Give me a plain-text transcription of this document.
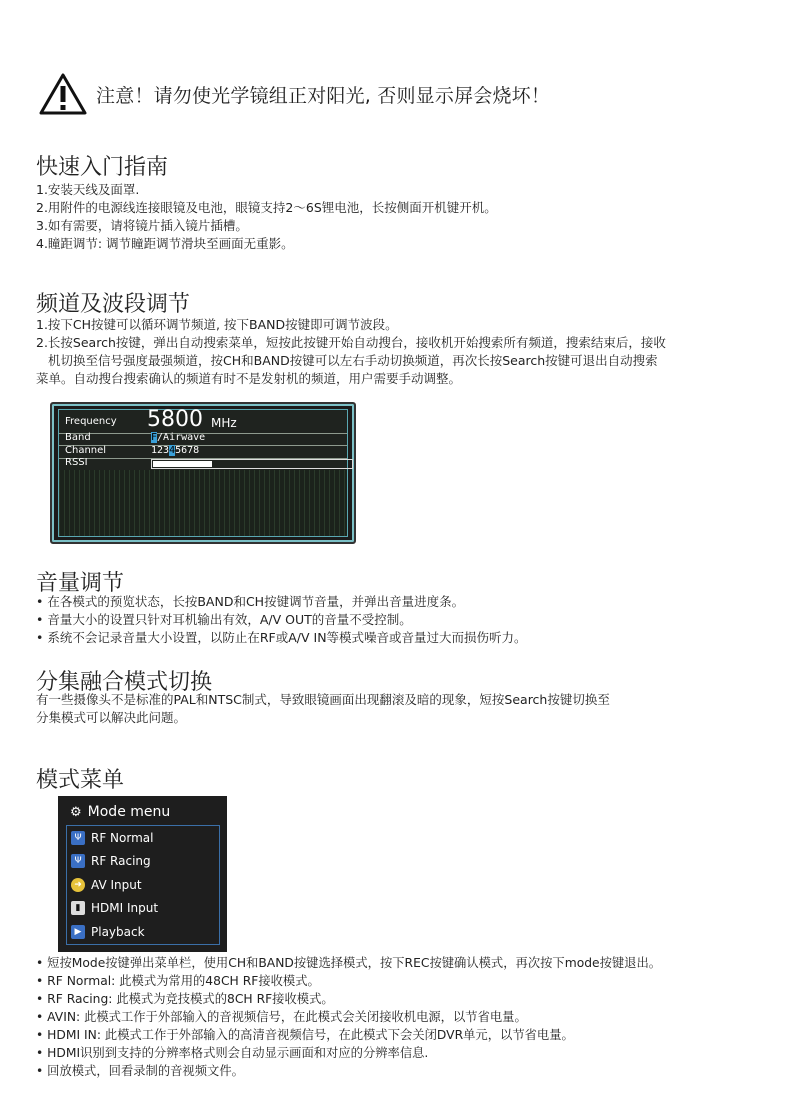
注意！请勿使光学镜组正对阳光, 否则显示屏会烧坏！
快速入门指南
1.安装天线及面罩.
2.用附件的电源线连接眼镜及电池，眼镜支持2～6S锂电池，长按侧面开机键开机。
3.如有需要，请将镜片插入镜片插槽。
4.瞳距调节: 调节瞳距调节滑块至画面无重影。
频道及波段调节
1.按下CH按键可以循环调节频道, 按下BAND按键即可调节波段。
2.长按Search按键，弹出自动搜索菜单，短按此按键开始自动搜台，接收机开始搜索所有频道，搜索结束后，接收
机切换至信号强度最强频道，按CH和BAND按键可以左右手动切换频道，再次长按Search按键可退出自动搜索
菜单。自动搜台搜索确认的频道有时不是发射机的频道，用户需要手动调整。
Frequency 5800 MHz
Band	F/Airwave
Channel	12345678
RSSI
音量调节
• 在各模式的预览状态，长按BAND和CH按键调节音量，并弹出音量进度条。
• 音量大小的设置只针对耳机输出有效，A/V OUT的音量不受控制。
• 系统不会记录音量大小设置，以防止在RF或A/V IN等模式噪音或音量过大而损伤听力。
分集融合模式切换
有一些摄像头不是标准的PAL和NTSC制式，导致眼镜画面出现翻滚及暗的现象，短按Search按键切换至
分集模式可以解决此问题。
模式菜单
⚙ Mode menu
Ψ RF Normal
Ψ RF Racing
➜ AV Input
▮ HDMI Input
▶ Playback
• 短按Mode按键弹出菜单栏，使用CH和BAND按键选择模式，按下REC按键确认模式，再次按下mode按键退出。
• RF Normal: 此模式为常用的48CH RF接收模式。
• RF Racing: 此模式为竞技模式的8CH RF接收模式。
• AVIN: 此模式工作于外部输入的音视频信号，在此模式会关闭接收机电源，以节省电量。
• HDMI IN: 此模式工作于外部输入的高清音视频信号，在此模式下会关闭DVR单元，以节省电量。
• HDMI识别到支持的分辨率格式则会自动显示画面和对应的分辨率信息.
• 回放模式，回看录制的音视频文件。
